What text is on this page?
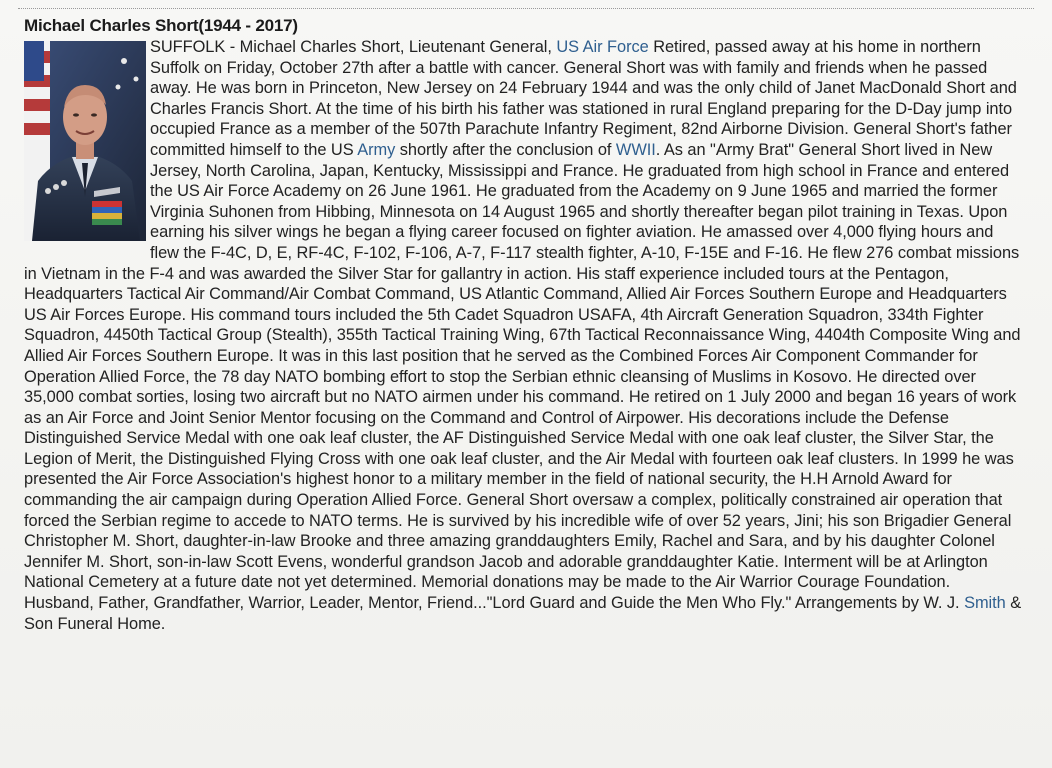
Michael Charles Short(1944 - 2017)
SUFFOLK - Michael Charles Short, Lieutenant General, US Air Force Retired, passed away at his home in northern Suffolk on Friday, October 27th after a battle with cancer. General Short was with family and friends when he passed away. He was born in Princeton, New Jersey on 24 February 1944 and was the only child of Janet MacDonald Short and Charles Francis Short. At the time of his birth his father was stationed in rural England preparing for the D-Day jump into occupied France as a member of the 507th Parachute Infantry Regiment, 82nd Airborne Division. General Short's father committed himself to the US Army shortly after the conclusion of WWII. As an "Army Brat" General Short lived in New Jersey, North Carolina, Japan, Kentucky, Mississippi and France. He graduated from high school in France and entered the US Air Force Academy on 26 June 1961. He graduated from the Academy on 9 June 1965 and married the former Virginia Suhonen from Hibbing, Minnesota on 14 August 1965 and shortly thereafter began pilot training in Texas. Upon earning his silver wings he began a flying career focused on fighter aviation. He amassed over 4,000 flying hours and flew the F-4C, D, E, RF-4C, F-102, F-106, A-7, F-117 stealth fighter, A-10, F-15E and F-16. He flew 276 combat missions in Vietnam in the F-4 and was awarded the Silver Star for gallantry in action. His staff experience included tours at the Pentagon, Headquarters Tactical Air Command/Air Combat Command, US Atlantic Command, Allied Air Forces Southern Europe and Headquarters US Air Forces Europe. His command tours included the 5th Cadet Squadron USAFA, 4th Aircraft Generation Squadron, 334th Fighter Squadron, 4450th Tactical Group (Stealth), 355th Tactical Training Wing, 67th Tactical Reconnaissance Wing, 4404th Composite Wing and Allied Air Forces Southern Europe. It was in this last position that he served as the Combined Forces Air Component Commander for Operation Allied Force, the 78 day NATO bombing effort to stop the Serbian ethnic cleansing of Muslims in Kosovo. He directed over 35,000 combat sorties, losing two aircraft but no NATO airmen under his command. He retired on 1 July 2000 and began 16 years of work as an Air Force and Joint Senior Mentor focusing on the Command and Control of Airpower. His decorations include the Defense Distinguished Service Medal with one oak leaf cluster, the AF Distinguished Service Medal with one oak leaf cluster, the Silver Star, the Legion of Merit, the Distinguished Flying Cross with one oak leaf cluster, and the Air Medal with fourteen oak leaf clusters. In 1999 he was presented the Air Force Association's highest honor to a military member in the field of national security, the H.H Arnold Award for commanding the air campaign during Operation Allied Force. General Short oversaw a complex, politically constrained air operation that forced the Serbian regime to accede to NATO terms. He is survived by his incredible wife of over 52 years, Jini; his son Brigadier General Christopher M. Short, daughter-in-law Brooke and three amazing granddaughters Emily, Rachel and Sara, and by his daughter Colonel Jennifer M. Short, son-in-law Scott Evens, wonderful grandson Jacob and adorable granddaughter Katie. Interment will be at Arlington National Cemetery at a future date not yet determined. Memorial donations may be made to the Air Warrior Courage Foundation. Husband, Father, Grandfather, Warrior, Leader, Mentor, Friend..."Lord Guard and Guide the Men Who Fly." Arrangements by W. J. Smith & Son Funeral Home.
